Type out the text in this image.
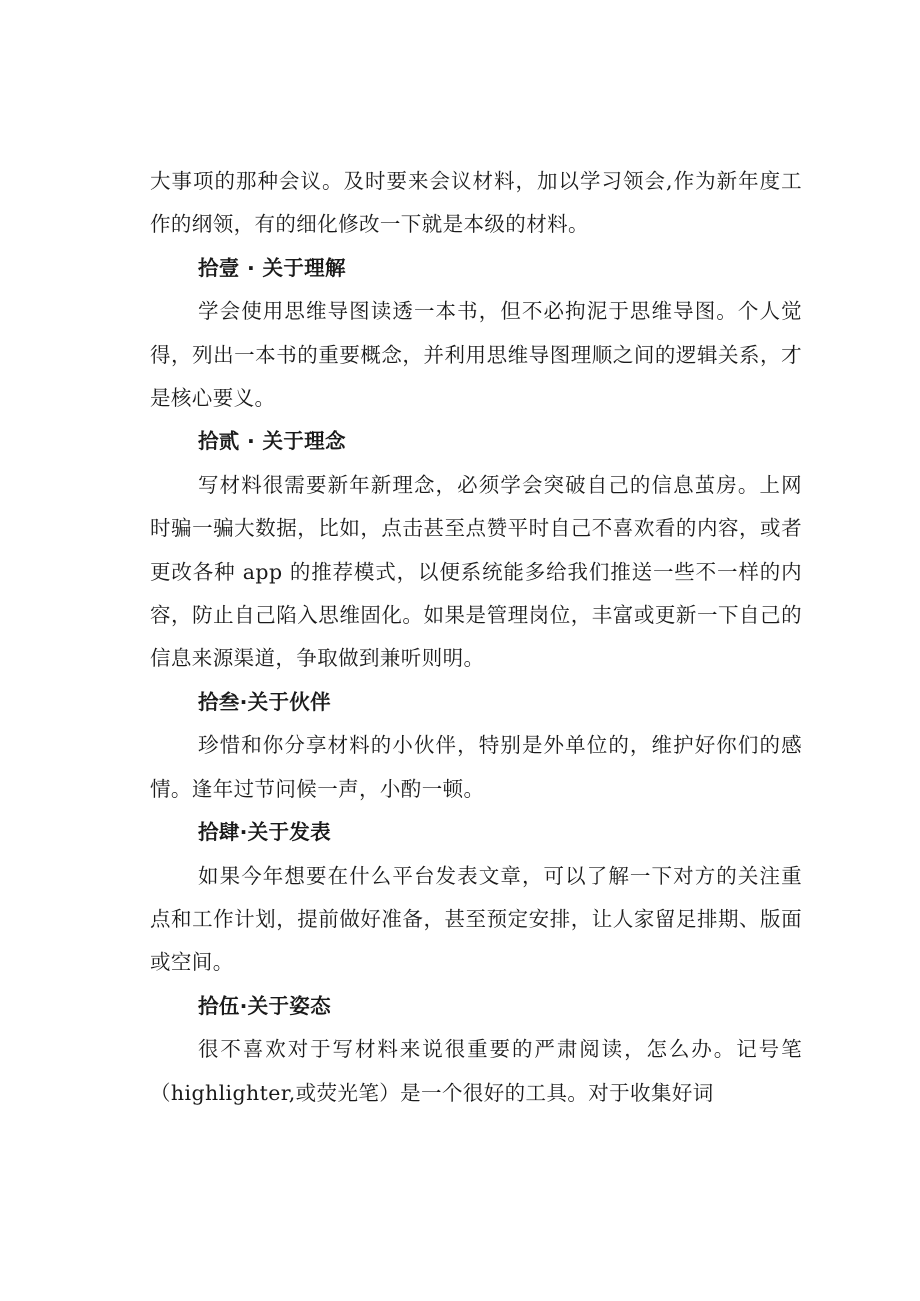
大事项的那种会议。及时要来会议材料，加以学习领会,作为新年度工作的纲领，有的细化修改一下就是本级的材料。

拾壹 · 关于理解

学会使用思维导图读透一本书，但不必拘泥于思维导图。个人觉得，列出一本书的重要概念，并利用思维导图理顺之间的逻辑关系，才是核心要义。

拾贰 · 关于理念

写材料很需要新年新理念，必须学会突破自己的信息茧房。上网时骗一骗大数据，比如，点击甚至点赞平时自己不喜欢看的内容，或者更改各种 app 的推荐模式，以便系统能多给我们推送一些不一样的内容，防止自己陷入思维固化。如果是管理岗位，丰富或更新一下自己的信息来源渠道，争取做到兼听则明。

拾叁·关于伙伴

珍惜和你分享材料的小伙伴，特别是外单位的，维护好你们的感情。逢年过节问候一声，小酌一顿。

拾肆·关于发表

如果今年想要在什么平台发表文章，可以了解一下对方的关注重点和工作计划，提前做好准备，甚至预定安排，让人家留足排期、版面或空间。

拾伍·关于姿态

很不喜欢对于写材料来说很重要的严肃阅读，怎么办。记号笔（highlighter,或荧光笔）是一个很好的工具。对于收集好词
